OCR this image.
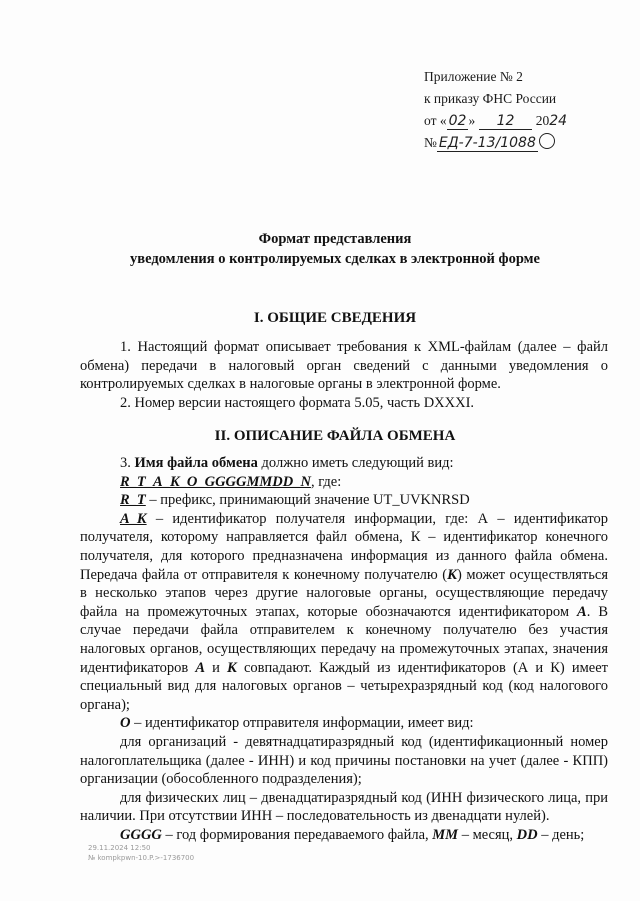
Приложение № 2
к приказу ФНС России
от « 02 » 12 2024
№ ЕД-7-13/1088
Формат представления
уведомления о контролируемых сделках в электронной форме
I. ОБЩИЕ СВЕДЕНИЯ

1. Настоящий формат описывает требования к XML-файлам (далее – файл обмена) передачи в налоговый орган сведений с данными уведомления о контролируемых сделках в налоговые органы в электронной форме.

2. Номер версии настоящего формата 5.05, часть DXXXI.

II. ОПИСАНИЕ ФАЙЛА ОБМЕНА

3. Имя файла обмена должно иметь следующий вид:

R_T_A_K_O_GGGGMMDD_N, где:

R_T – префикс, принимающий значение UT_UVKNRSD

A_K – идентификатор получателя информации, где: А – идентификатор получателя, которому направляется файл обмена, К – идентификатор конечного получателя, для которого предназначена информация из данного файла обмена. Передача файла от отправителя к конечному получателю (К) может осуществляться в несколько этапов через другие налоговые органы, осуществляющие передачу файла на промежуточных этапах, которые обозначаются идентификатором А. В случае передачи файла отправителем к конечному получателю без участия налоговых органов, осуществляющих передачу на промежуточных этапах, значения идентификаторов А и К совпадают. Каждый из идентификаторов (А и К) имеет специальный вид для налоговых органов – четырехразрядный код (код налогового органа);

O – идентификатор отправителя информации, имеет вид:

для организаций - девятнадцатиразрядный код (идентификационный номер налогоплательщика (далее - ИНН) и код причины постановки на учет (далее - КПП) организации (обособленного подразделения);

для физических лиц – двенадцатиразрядный код (ИНН физического лица, при наличии. При отсутствии ИНН – последовательность из двенадцати нулей).

GGGG – год формирования передаваемого файла, MM – месяц, DD – день;

29.11.2024 12:50
№ kompkpwn-10.P.>-1736700
